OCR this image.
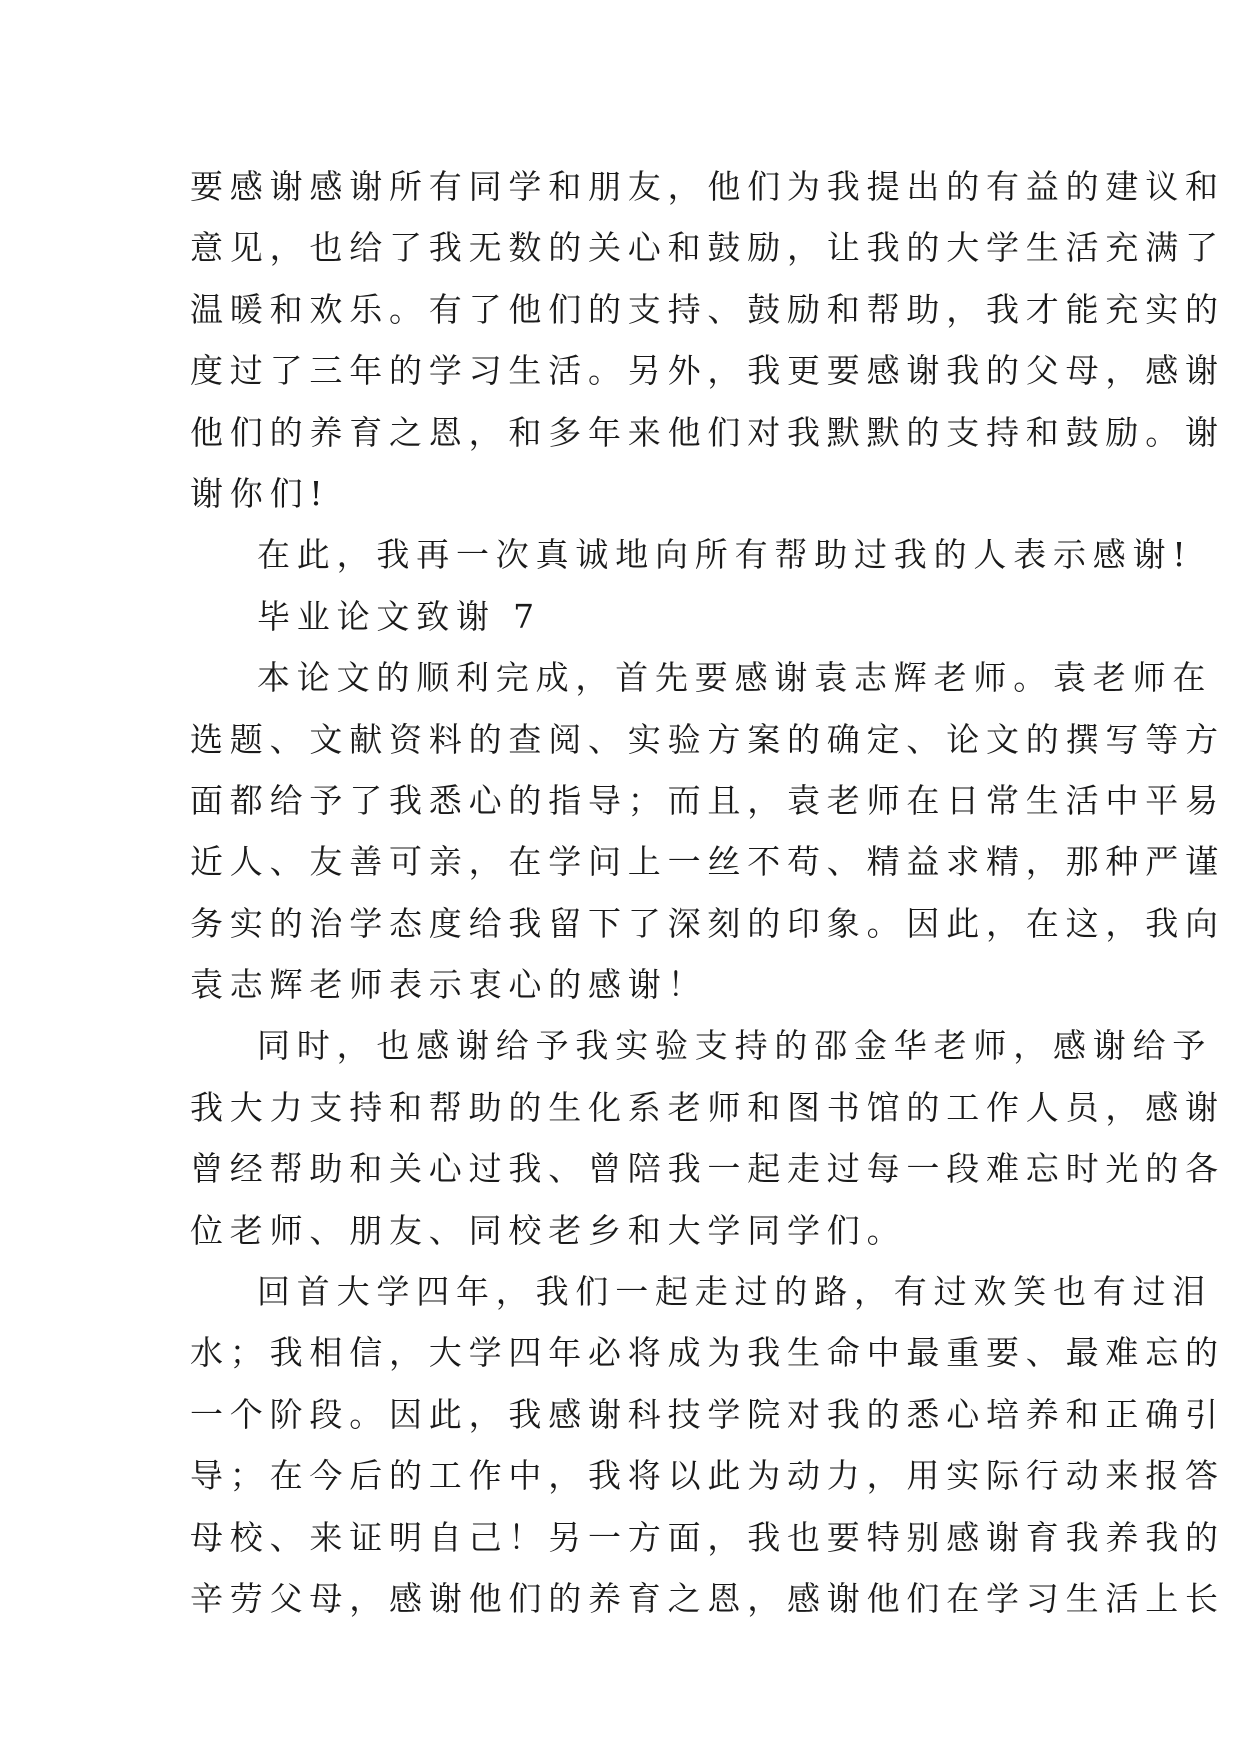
要感谢感谢所有同学和朋友，他们为我提出的有益的建议和
意见，也给了我无数的关心和鼓励，让我的大学生活充满了
温暖和欢乐。有了他们的支持、鼓励和帮助，我才能充实的
度过了三年的学习生活。另外，我更要感谢我的父母，感谢
他们的养育之恩，和多年来他们对我默默的支持和鼓励。谢
谢你们!
在此，我再一次真诚地向所有帮助过我的人表示感谢!
毕业论文致谢 7
本论文的顺利完成，首先要感谢袁志辉老师。袁老师在
选题、文献资料的查阅、实验方案的确定、论文的撰写等方
面都给予了我悉心的指导；而且，袁老师在日常生活中平易
近人、友善可亲，在学问上一丝不苟、精益求精，那种严谨
务实的治学态度给我留下了深刻的印象。因此，在这，我向
袁志辉老师表示衷心的感谢！
同时，也感谢给予我实验支持的邵金华老师，感谢给予
我大力支持和帮助的生化系老师和图书馆的工作人员，感谢
曾经帮助和关心过我、曾陪我一起走过每一段难忘时光的各
位老师、朋友、同校老乡和大学同学们。
回首大学四年，我们一起走过的路，有过欢笑也有过泪
水；我相信，大学四年必将成为我生命中最重要、最难忘的
一个阶段。因此，我感谢科技学院对我的悉心培养和正确引
导；在今后的工作中，我将以此为动力，用实际行动来报答
母校、来证明自己！另一方面，我也要特别感谢育我养我的
辛劳父母，感谢他们的养育之恩，感谢他们在学习生活上长
